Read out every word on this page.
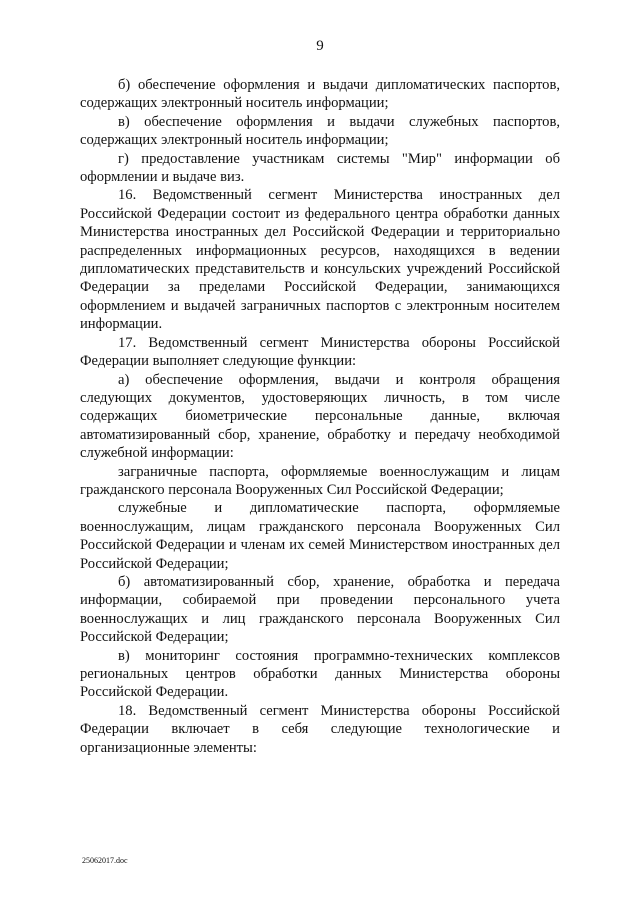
9

б) обеспечение оформления и выдачи дипломатических паспортов, содержащих электронный носитель информации;

в) обеспечение оформления и выдачи служебных паспортов, содержащих электронный носитель информации;

г) предоставление участникам системы "Мир" информации об оформлении и выдаче виз.

16. Ведомственный сегмент Министерства иностранных дел Российской Федерации состоит из федерального центра обработки данных Министерства иностранных дел Российской Федерации и территориально распределенных информационных ресурсов, находящихся в ведении дипломатических представительств и консульских учреждений Российской Федерации за пределами Российской Федерации, занимающихся оформлением и выдачей заграничных паспортов с электронным носителем информации.

17. Ведомственный сегмент Министерства обороны Российской Федерации выполняет следующие функции:

а) обеспечение оформления, выдачи и контроля обращения следующих документов, удостоверяющих личность, в том числе содержащих биометрические персональные данные, включая автоматизированный сбор, хранение, обработку и передачу необходимой служебной информации:

заграничные паспорта, оформляемые военнослужащим и лицам гражданского персонала Вооруженных Сил Российской Федерации;

служебные и дипломатические паспорта, оформляемые военнослужащим, лицам гражданского персонала Вооруженных Сил Российской Федерации и членам их семей Министерством иностранных дел Российской Федерации;

б) автоматизированный сбор, хранение, обработка и передача информации, собираемой при проведении персонального учета военнослужащих и лиц гражданского персонала Вооруженных Сил Российской Федерации;

в) мониторинг состояния программно-технических комплексов региональных центров обработки данных Министерства обороны Российской Федерации.

18. Ведомственный сегмент Министерства обороны Российской Федерации включает в себя следующие технологические и организационные элементы:

25062017.doc
